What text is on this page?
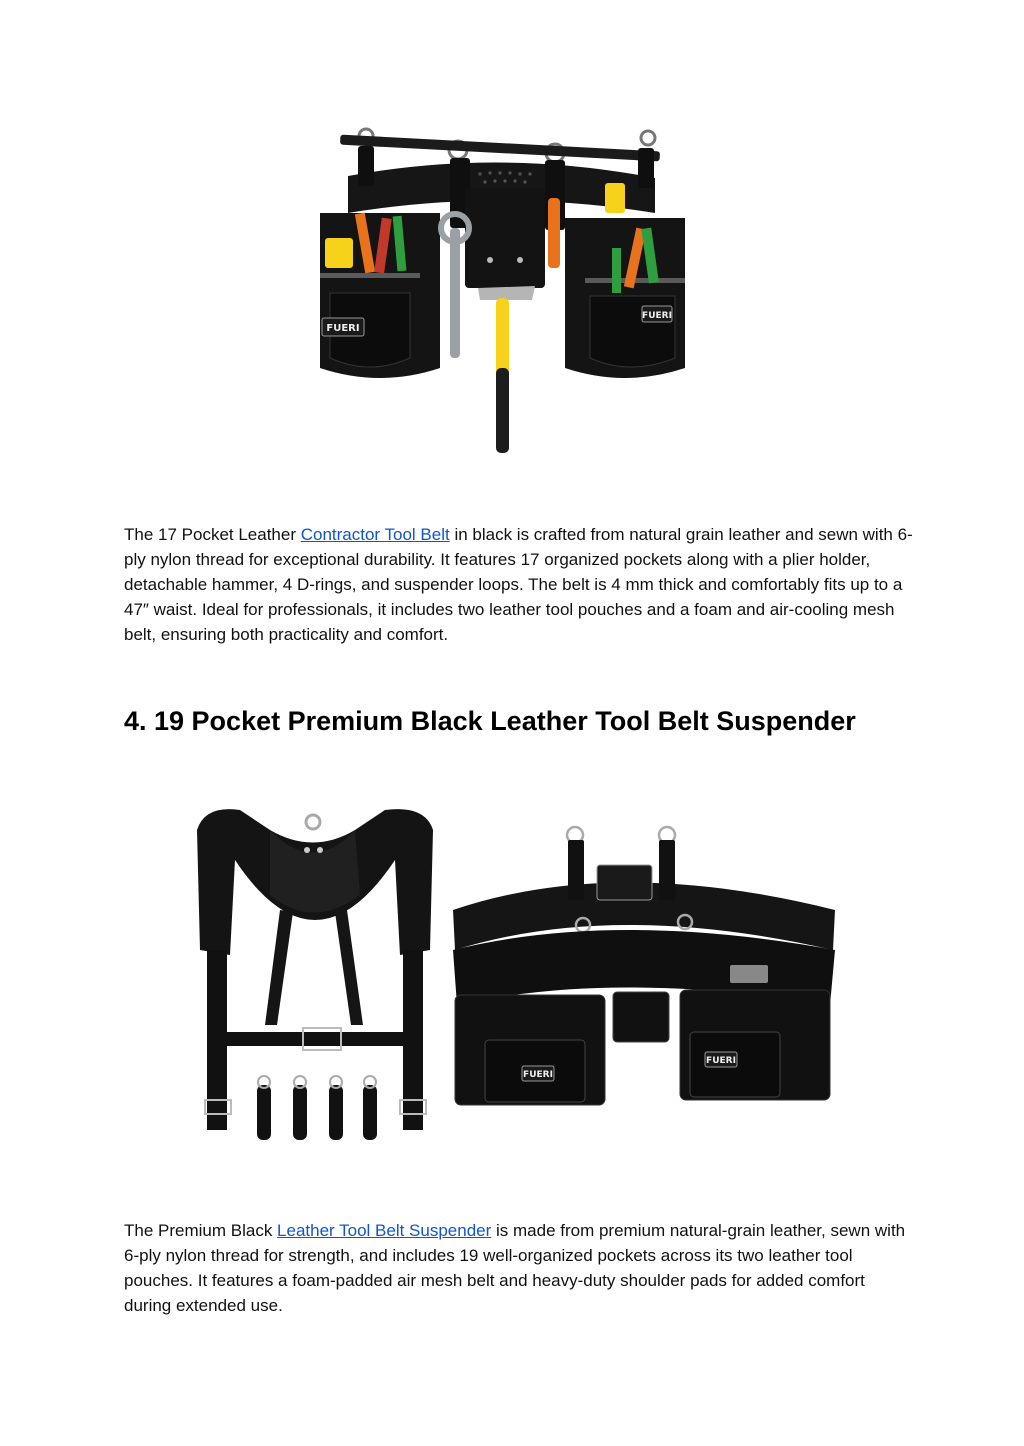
FUERI
FUERI

The 17 Pocket Leather Contractor Tool Belt in black is crafted from natural grain leather and sewn with 6-ply nylon thread for exceptional durability. It features 17 organized pockets along with a plier holder, detachable hammer, 4 D-rings, and suspender loops. The belt is 4 mm thick and comfortably fits up to a 47″ waist. Ideal for professionals, it includes two leather tool pouches and a foam and air-cooling mesh belt, ensuring both practicality and comfort.

4. 19 Pocket Premium Black Leather Tool Belt Suspender
FUERI
FUERI

The Premium Black Leather Tool Belt Suspender is made from premium natural-grain leather, sewn with 6-ply nylon thread for strength, and includes 19 well-organized pockets across its two leather tool pouches. It features a foam-padded air mesh belt and heavy-duty shoulder pads for added comfort during extended use.
